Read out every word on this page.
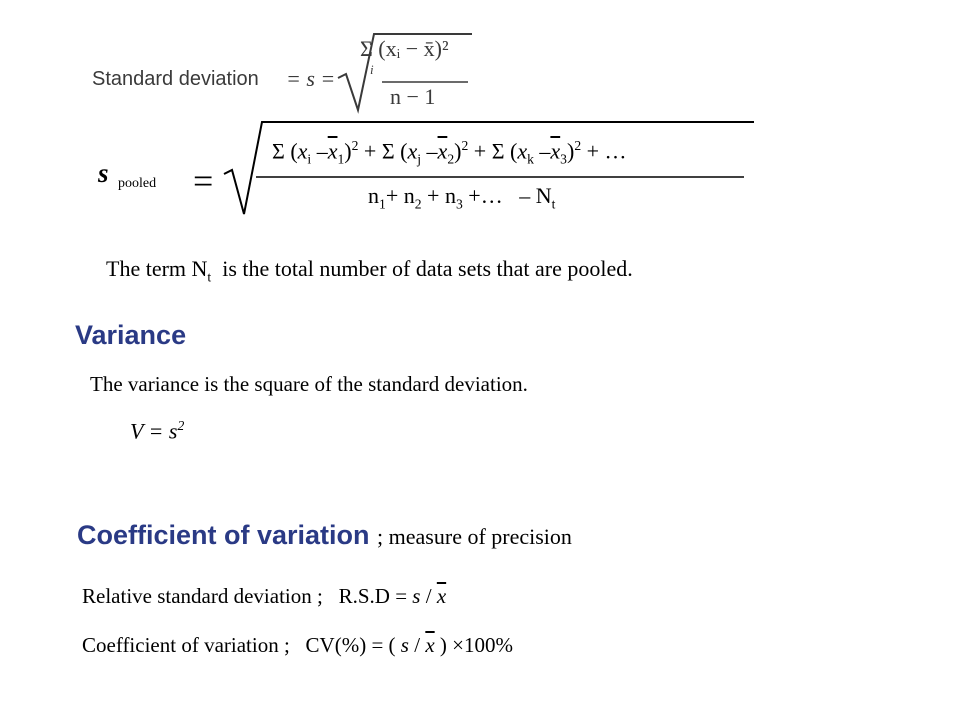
Standard deviation = s =
Σ (xᵢ − x̄)²
i
n − 1
s pooled =
Σ ($x_i$ $-\overline{x}_1)^2 + \Sigma$ ($x_j$ $-\overline{x}_2)^2 + \Sigma$ ($x_k$ $-\overline{x}_3)^2$ + …
$n_1+ n_2 + n_3$ +…   – $N_t$
The term $N_t$ is the total number of data sets that are pooled.
Variance
The variance is the square of the standard deviation.
$V = s^2$
Coefficient of variation ; measure of precision
Relative standard deviation ; $R.S.D = s / \overline{x}$
Coefficient of variation ; CV(%) = ( s / $\overline{x}$ ) ×100%
